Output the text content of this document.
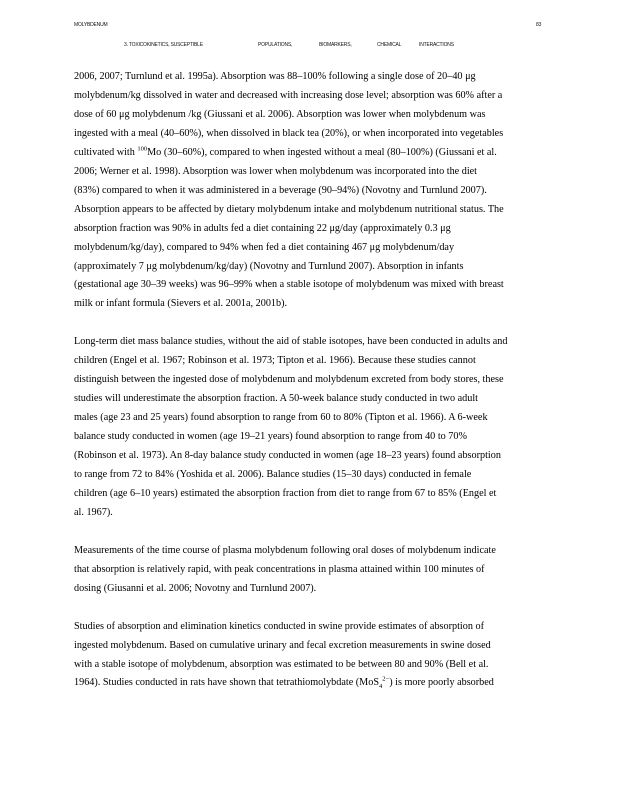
MOLYBDENUM	83
3. TOXICOKINETICS, SUSCEPTIBLE	POPULATIONS,	BIOMARKERS,	CHEMICAL	INTERACTIONS

2006, 2007; Turnlund et al. 1995a). Absorption was 88–100% following a single dose of 20–40 μg
molybdenum/kg dissolved in water and decreased with increasing dose level; absorption was 60% after a
dose of 60 μg molybdenum /kg (Giussani et al. 2006). Absorption was lower when molybdenum was
ingested with a meal (40–60%), when dissolved in black tea (20%), or when incorporated into vegetables
cultivated with $^{100}$Mo (30–60%), compared to when ingested without a meal (80–100%) (Giussani et al.
2006; Werner et al. 1998). Absorption was lower when molybdenum was incorporated into the diet
(83%) compared to when it was administered in a beverage (90–94%) (Novotny and Turnlund 2007).
Absorption appears to be affected by dietary molybdenum intake and molybdenum nutritional status. The
absorption fraction was 90% in adults fed a diet containing 22 μg/day (approximately 0.3 μg
molybdenum/kg/day), compared to 94% when fed a diet containing 467 μg molybdenum/day
(approximately 7 μg molybdenum/kg/day) (Novotny and Turnlund 2007). Absorption in infants
(gestational age 30–39 weeks) was 96–99% when a stable isotope of molybdenum was mixed with breast
milk or infant formula (Sievers et al. 2001a, 2001b).

Long-term diet mass balance studies, without the aid of stable isotopes, have been conducted in adults and
children (Engel et al. 1967; Robinson et al. 1973; Tipton et al. 1966). Because these studies cannot
distinguish between the ingested dose of molybdenum and molybdenum excreted from body stores, these
studies will underestimate the absorption fraction. A 50-week balance study conducted in two adult
males (age 23 and 25 years) found absorption to range from 60 to 80% (Tipton et al. 1966). A 6-week
balance study conducted in women (age 19–21 years) found absorption to range from 40 to 70%
(Robinson et al. 1973). An 8-day balance study conducted in women (age 18–23 years) found absorption
to range from 72 to 84% (Yoshida et al. 2006). Balance studies (15–30 days) conducted in female
children (age 6–10 years) estimated the absorption fraction from diet to range from 67 to 85% (Engel et
al. 1967).

Measurements of the time course of plasma molybdenum following oral doses of molybdenum indicate
that absorption is relatively rapid, with peak concentrations in plasma attained within 100 minutes of
dosing (Giusanni et al. 2006; Novotny and Turnlund 2007).

Studies of absorption and elimination kinetics conducted in swine provide estimates of absorption of
ingested molybdenum. Based on cumulative urinary and fecal excretion measurements in swine dosed
with a stable isotope of molybdenum, absorption was estimated to be between 80 and 90% (Bell et al.
1964). Studies conducted in rats have shown that tetrathiomolybdate (MoS$_4^{2-}$) is more poorly absorbed
